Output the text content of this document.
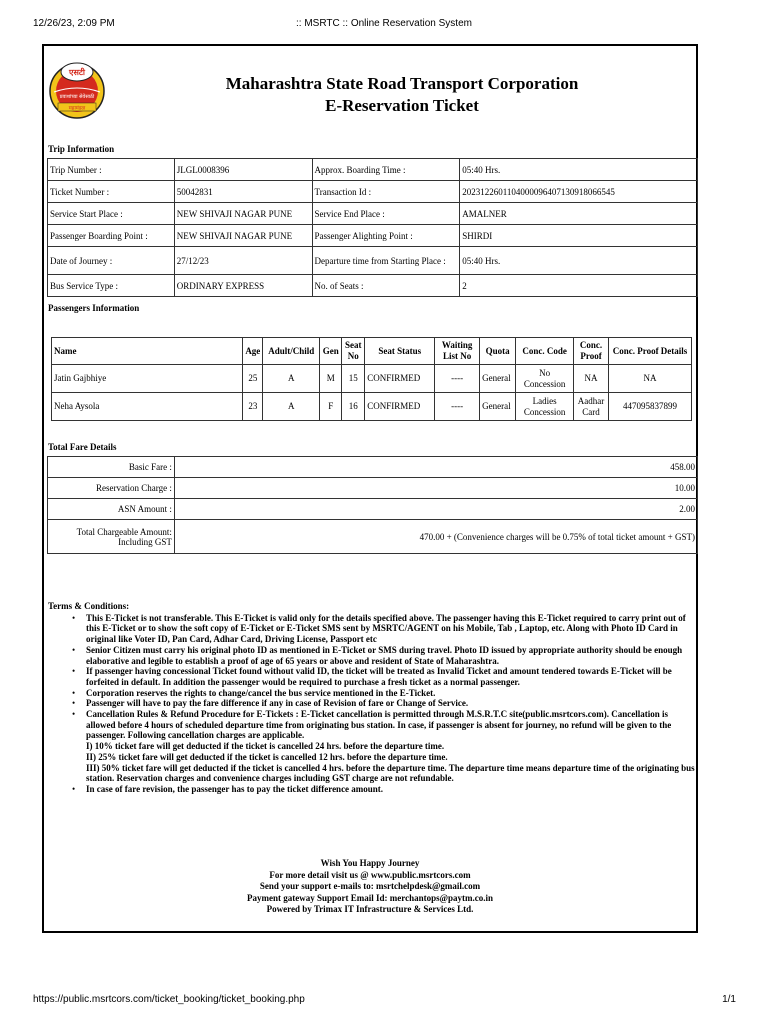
12/26/23, 2:09 PM	:: MSRTC :: Online Reservation System
एसटी
प्रवाशांच्या सेवेसाठी
महामंडळ
Maharashtra State Road Transport Corporation
E-Reservation Ticket
Trip Information
Trip Number :	JLGL0008396	Approx. Boarding Time :	05:40 Hrs.
Ticket Number :	50042831	Transaction Id :	20231226011040000964071309180665​45
Service Start Place :	NEW SHIVAJI NAGAR PUNE	Service End Place :	AMALNER
Passenger Boarding Point :	NEW SHIVAJI NAGAR PUNE	Passenger Alighting Point :	SHIRDI
Date of Journey :	27/12/23	Departure time from Starting Place :	05:40 Hrs.
Bus Service Type :	ORDINARY EXPRESS	No. of Seats :	2
Passengers Information
Name	Age	Adult/Child	Gen	Seat No	Seat Status	Waiting List No	Quota	Conc. Code	Conc. Proof	Conc. Proof Details
Jatin Gajbhiye	25	A	M	15	CONFIRMED	----	General	No Concession	NA	NA
Neha Aysola	23	A	F	16	CONFIRMED	----	General	Ladies Concession	Aadhar Card	447095837899
Total Fare Details
Basic Fare :	458.00
Reservation Charge :	10.00
ASN Amount :	2.00
Total Chargeable Amount: Including GST	470.00 + (Convenience charges will be 0.75% of total ticket amount + GST)
Terms & Conditions:
• This E-Ticket is not transferable. This E-Ticket is valid only for the details specified above. The passenger having this E-Ticket required to carry print out of this E-Ticket or to show the soft copy of E-Ticket or E-Ticket SMS sent by MSRTC/AGENT on his Mobile, Tab , Laptop, etc. Along with Photo ID Card in original like Voter ID, Pan Card, Adhar Card, Driving License, Passport etc
• Senior Citizen must carry his original photo ID as mentioned in E-Ticket or SMS during travel. Photo ID issued by appropriate authority should be enough elaborative and legible to establish a proof of age of 65 years or above and resident of State of Maharashtra.
• If passenger having concessional Ticket found without valid ID, the ticket will be treated as Invalid Ticket and amount tendered towards E-Ticket will be forfeited in default. In addition the passenger would be required to purchase a fresh ticket as a normal passenger.
• Corporation reserves the rights to change/cancel the bus service mentioned in the E-Ticket.
• Passenger will have to pay the fare difference if any in case of Revision of fare or Change of Service.
• Cancellation Rules & Refund Procedure for E-Tickets : E-Ticket cancellation is permitted through M.S.R.T.C site(public.msrtcors.com). Cancellation is allowed before 4 hours of scheduled departure time from originating bus station. In case, if passenger is absent for journey, no refund will be given to the passenger. Following cancellation charges are applicable.
I) 10% ticket fare will get deducted if the ticket is cancelled 24 hrs. before the departure time.
II) 25% ticket fare will get deducted if the ticket is cancelled 12 hrs. before the departure time.
III) 50% ticket fare will get deducted if the ticket is cancelled 4 hrs. before the departure time. The departure time means departure time of the originating bus station. Reservation charges and convenience charges including GST charge are not refundable.
• In case of fare revision, the passenger has to pay the ticket difference amount.
Wish You Happy Journey
For more detail visit us @ www.public.msrtcors.com
Send your support e-mails to: msrtchelpdesk@gmail.com
Payment gateway Support Email Id: merchantops@paytm.co.in
Powered by Trimax IT Infrastructure & Services Ltd.
https://public.msrtcors.com/ticket_booking/ticket_booking.php	1/1
